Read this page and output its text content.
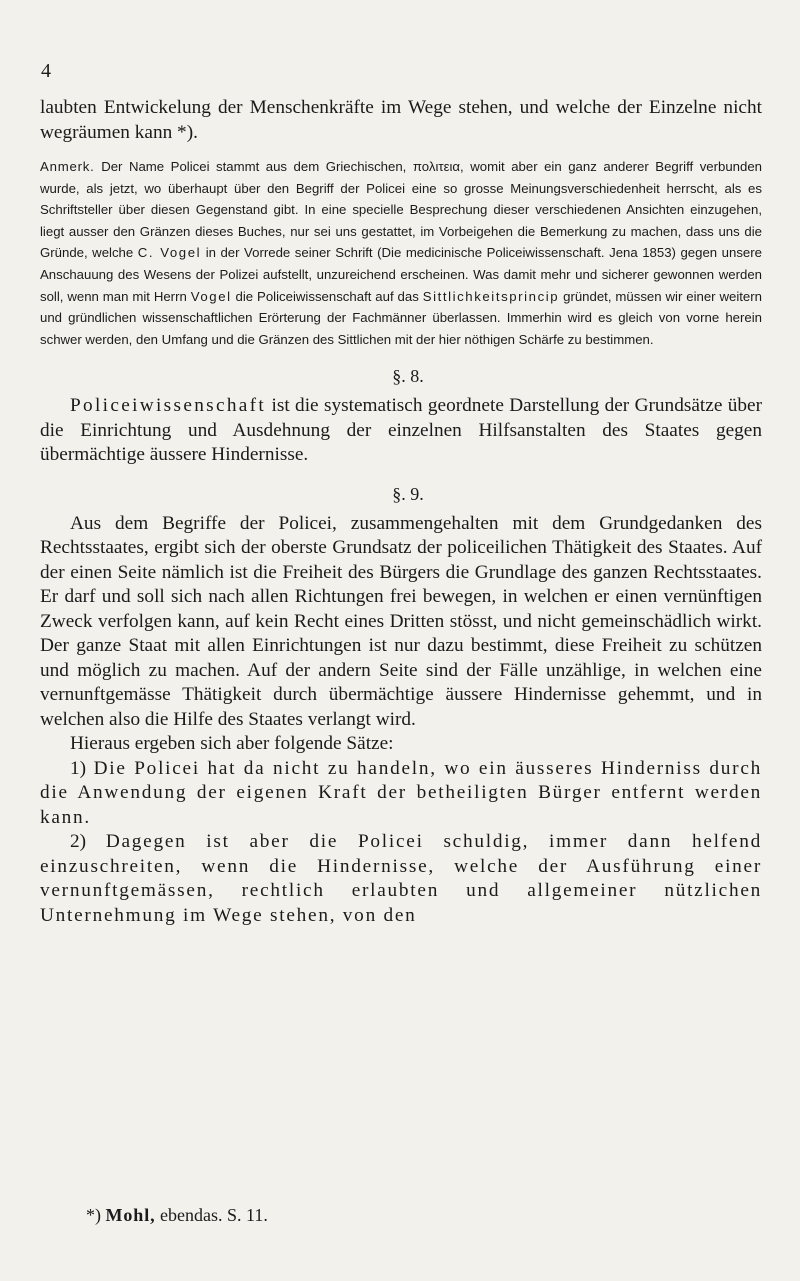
4

laubten Entwickelung der Menschenkräfte im Wege stehen, und welche der Einzelne nicht wegräumen kann *).

Anmerk. Der Name Policei stammt aus dem Griechischen, πολιτεια, womit aber ein ganz anderer Begriff verbunden wurde, als jetzt, wo überhaupt über den Begriff der Policei eine so grosse Meinungsverschiedenheit herrscht, als es Schriftsteller über diesen Gegenstand gibt. In eine specielle Besprechung dieser verschiedenen Ansichten einzugehen, liegt ausser den Gränzen dieses Buches, nur sei uns gestattet, im Vorbeigehen die Bemerkung zu machen, dass uns die Gründe, welche C. Vogel in der Vorrede seiner Schrift (Die medicinische Policeiwissenschaft. Jena 1853) gegen unsere Anschauung des Wesens der Polizei aufstellt, unzureichend erscheinen. Was damit mehr und sicherer gewonnen werden soll, wenn man mit Herrn Vogel die Policeiwissenschaft auf das Sittlichkeitsprincip gründet, müssen wir einer weitern und gründlichen wissenschaftlichen Erörterung der Fachmänner überlassen. Immerhin wird es gleich von vorne herein schwer werden, den Umfang und die Gränzen des Sittlichen mit der hier nöthigen Schärfe zu bestimmen.

§. 8.

Policeiwissenschaft ist die systematisch geordnete Darstellung der Grundsätze über die Einrichtung und Ausdehnung der einzelnen Hilfsanstalten des Staates gegen übermächtige äussere Hindernisse.

§. 9.

Aus dem Begriffe der Policei, zusammengehalten mit dem Grundgedanken des Rechtsstaates, ergibt sich der oberste Grundsatz der policeilichen Thätigkeit des Staates. Auf der einen Seite nämlich ist die Freiheit des Bürgers die Grundlage des ganzen Rechtsstaates. Er darf und soll sich nach allen Richtungen frei bewegen, in welchen er einen vernünftigen Zweck verfolgen kann, auf kein Recht eines Dritten stösst, und nicht gemeinschädlich wirkt. Der ganze Staat mit allen Einrichtungen ist nur dazu bestimmt, diese Freiheit zu schützen und möglich zu machen. Auf der andern Seite sind der Fälle unzählige, in welchen eine vernunftgemässe Thätigkeit durch übermächtige äussere Hindernisse gehemmt, und in welchen also die Hilfe des Staates verlangt wird.

Hieraus ergeben sich aber folgende Sätze:

1) Die Policei hat da nicht zu handeln, wo ein äusseres Hinderniss durch die Anwendung der eigenen Kraft der betheiligten Bürger entfernt werden kann.

2) Dagegen ist aber die Policei schuldig, immer dann helfend einzuschreiten, wenn die Hindernisse, welche der Ausführung einer vernunftgemässen, rechtlich erlaubten und allgemeiner nützlichen Unternehmung im Wege stehen, von den

*) Mohl, ebendas. S. 11.
